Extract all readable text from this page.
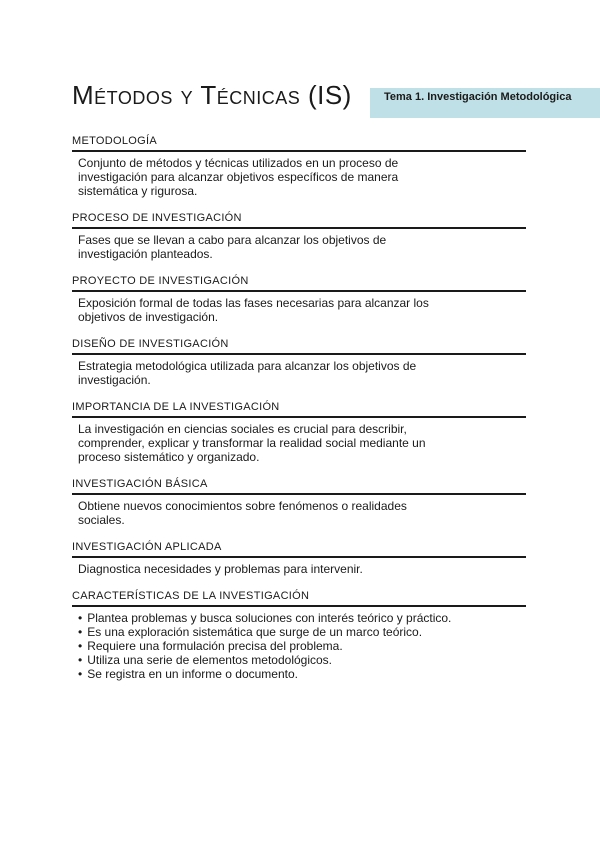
Métodos y Técnicas (IS)	Tema 1. Investigación Metodológica
METODOLOGÍA
Conjunto de métodos y técnicas utilizados en un proceso de
investigación para alcanzar objetivos específicos de manera
sistemática y rigurosa.
PROCESO DE INVESTIGACIÓN
Fases que se llevan a cabo para alcanzar los objetivos de
investigación planteados.
PROYECTO DE INVESTIGACIÓN
Exposición formal de todas las fases necesarias para alcanzar los
objetivos de investigación.
DISEÑO DE INVESTIGACIÓN
Estrategia metodológica utilizada para alcanzar los objetivos de
investigación.
IMPORTANCIA DE LA INVESTIGACIÓN
La investigación en ciencias sociales es crucial para describir,
comprender, explicar y transformar la realidad social mediante un
proceso sistemático y organizado.
INVESTIGACIÓN BÁSICA
Obtiene nuevos conocimientos sobre fenómenos o realidades
sociales.
INVESTIGACIÓN APLICADA
Diagnostica necesidades y problemas para intervenir.
CARACTERÍSTICAS DE LA INVESTIGACIÓN
• Plantea problemas y busca soluciones con interés teórico y práctico.
• Es una exploración sistemática que surge de un marco teórico.
• Requiere una formulación precisa del problema.
• Utiliza una serie de elementos metodológicos.
• Se registra en un informe o documento.
